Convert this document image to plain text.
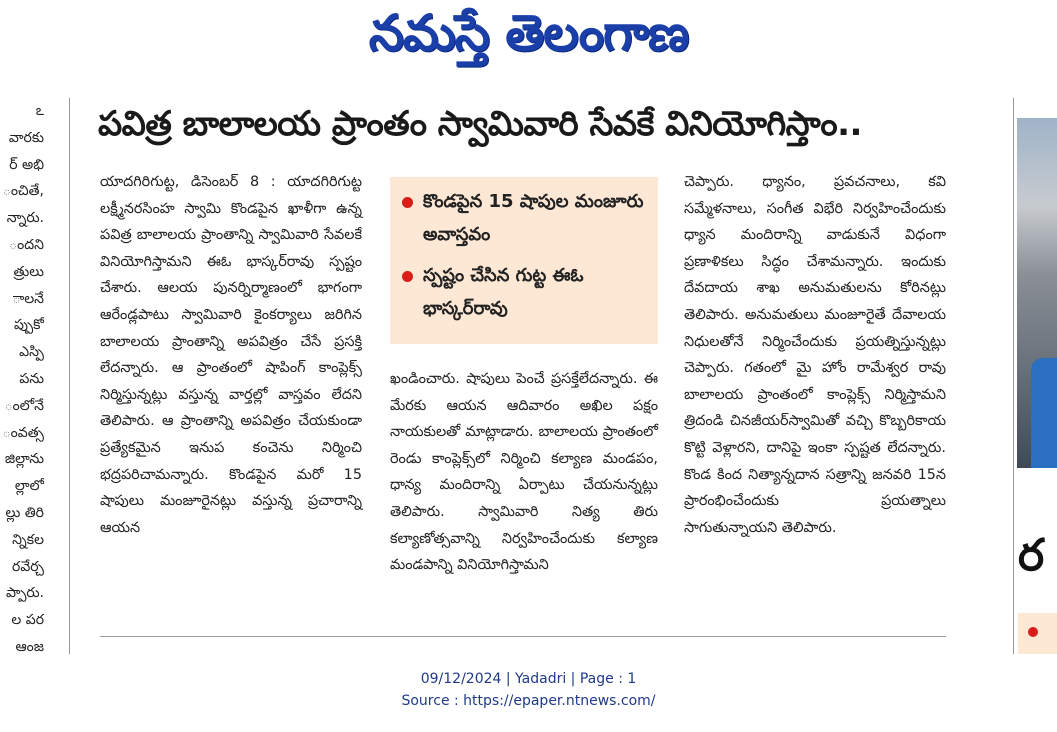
నమస్తే తెలంగాణ
ఽ
వారకు
ర్ అభి
ంచితే,
న్నారు.
ందని
త్రులు
ాలనే
ప్పుకో
ఎస్పి
పను
ంలోనే
ంవత్స
జిల్లాను
ల్లాలో
ల్లు తిరి
న్నికల
రవేర్చ
ప్పారు.
ల పర
ఆంజ
పవిత్ర బాలాలయ ప్రాంతం స్వామివారి సేవకే వినియోగిస్తాం..

యాదగిరిగుట్ట, డిసెంబర్ 8 : యాదగిరిగుట్ట లక్ష్మీనరసింహ స్వామి కొండపైన ఖాళీగా ఉన్న పవిత్ర బాలాలయ ప్రాంతాన్ని స్వామివారి సేవలకే వినియోగిస్తామని ఈఓ భాస్కర్‌రావు స్పష్టం చేశారు. ఆలయ పునర్నిర్మాణంలో భాగంగా ఆరేండ్లపాటు స్వామివారి కైంకర్యాలు జరిగిన బాలాలయ ప్రాంతాన్ని అపవిత్రం చేసే ప్రసక్తి లేదన్నారు. ఆ ప్రాంతంలో షాపింగ్ కాంప్లెక్స్ నిర్మిస్తున్నట్లు వస్తున్న వార్తల్లో వాస్తవం లేదని తెలిపారు. ఆ ప్రాంతాన్ని అపవిత్రం చేయకుండా ప్రత్యేకమైన ఇనుప కంచెను నిర్మించి భద్రపరిచామన్నారు. కొండపైన మరో 15 షాపులు మంజూరైనట్లు వస్తున్న ప్రచారాన్ని ఆయన

కొండపైన 15 షాపుల మంజూరు అవాస్తవం
స్పష్టం చేసిన గుట్ట ఈఓ భాస్కర్‌రావు

ఖండించారు. షాపులు పెంచే ప్రసక్తేలేదన్నారు. ఈ మేరకు ఆయన ఆదివారం అఖిల పక్షం నాయకులతో మాట్లాడారు. బాలాలయ ప్రాంతంలో రెండు కాంప్లెక్స్‌లో నిర్మించి కల్యాణ మండపం, ధాన్య మందిరాన్ని ఏర్పాటు చేయనున్నట్లు తెలిపారు. స్వామివారి నిత్య తిరు కల్యాణోత్సవాన్ని నిర్వహించేందుకు కల్యాణ మండపాన్ని వినియోగిస్తామని

చెప్పారు. ధ్యానం, ప్రవచనాలు, కవి సమ్మేళనాలు, సంగీత విభేరి నిర్వహించేందుకు ధ్యాన మందిరాన్ని వాడుకునే విధంగా ప్రణాళికలు సిద్ధం చేశామన్నారు. ఇందుకు దేవదాయ శాఖ అనుమతులను కోరినట్లు తెలిపారు. అనుమతులు మంజూరైతే దేవాలయ నిధులతోనే నిర్మించేందుకు ప్రయత్నిస్తున్నట్లు చెప్పారు. గతంలో మై హోం రామేశ్వర రావు బాలాలయ ప్రాంతంలో కాంప్లెక్స్ నిర్మిస్తామని త్రిదండి చినజీయర్‌స్వామితో వచ్చి కొబ్బరికాయ కొట్టి వెళ్లారని, దానిపై ఇంకా స్పష్టత లేదన్నారు. కొండ కింద నిత్యాన్నదాన సత్రాన్ని జనవరి 15న ప్రారంభించేందుకు ప్రయత్నాలు సాగుతున్నాయని తెలిపారు.

ర
09/12/2024 | Yadadri | Page : 1
Source : https://epaper.ntnews.com/
